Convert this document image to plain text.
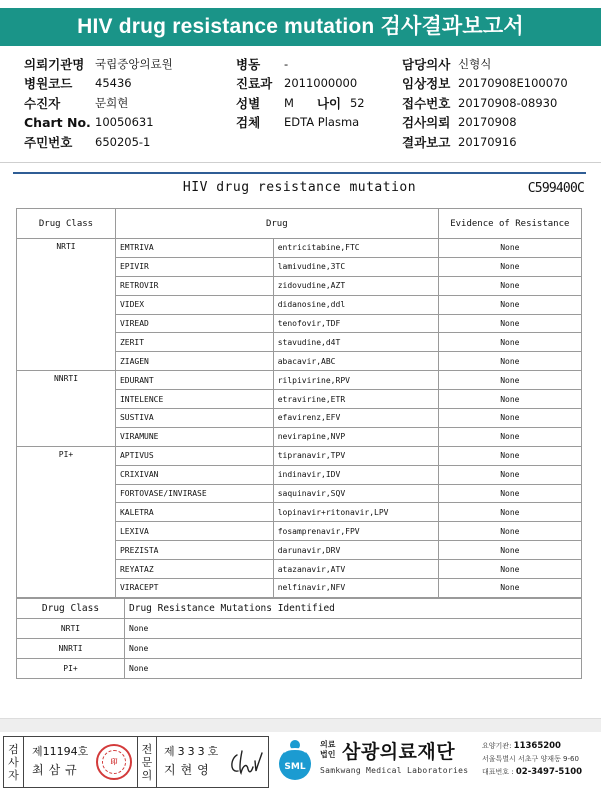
HIV drug resistance mutation 검사결과보고서
의뢰기관명 국립중앙의료원
병원코드	45436
수진자	문희현
Chart No. 10050631
주민번호	650205-1
병동	-
진료과	2011000000
성별	M 나이 52
검체	EDTA Plasma
담당의사 신형식
임상정보 20170908E100070
접수번호 20170908-08930
검사의뢰 20170908
결과보고 20170916
HIV drug resistance mutation	C599400C
Drug Class	Drug		Evidence of Resistance
NRTI	EMTRIVA	entricitabine,FTC	None
	EPIVIR	lamivudine,3TC	None
	RETROVIR	zidovudine,AZT	None
	VIDEX	didanosine,ddl	None
	VIREAD	tenofovir,TDF	None
	ZERIT	stavudine,d4T	None
	ZIAGEN	abacavir,ABC	None
NNRTI	EDURANT	rilpivirine,RPV	None
	INTELENCE	etravirine,ETR	None
	SUSTIVA	efavirenz,EFV	None
	VIRAMUNE	nevirapine,NVP	None
PI+	APTIVUS	tipranavir,TPV	None
	CRIXIVAN	indinavir,IDV	None
	FORTOVASE/INVIRASE	saquinavir,SQV	None
	KALETRA	lopinavir+ritonavir,LPV	None
	LEXIVA	fosamprenavir,FPV	None
	PREZISTA	darunavir,DRV	None
	REYATAZ	atazanavir,ATV	None
	VIRACEPT	nelfinavir,NFV	None
Drug Class	Drug Resistance Mutations Identified
NRTI	None
NNRTI	None
PI+	None
검
사
자
제11194호
최삼규
印
전
문
의
제333호
지현영	SML
의료
법인 삼광의료재단
Samkwang Medical Laboratories
요양기관: 11365200
서울특별시 서초구 양재동 9-60
대표번호 : 02-3497-5100
